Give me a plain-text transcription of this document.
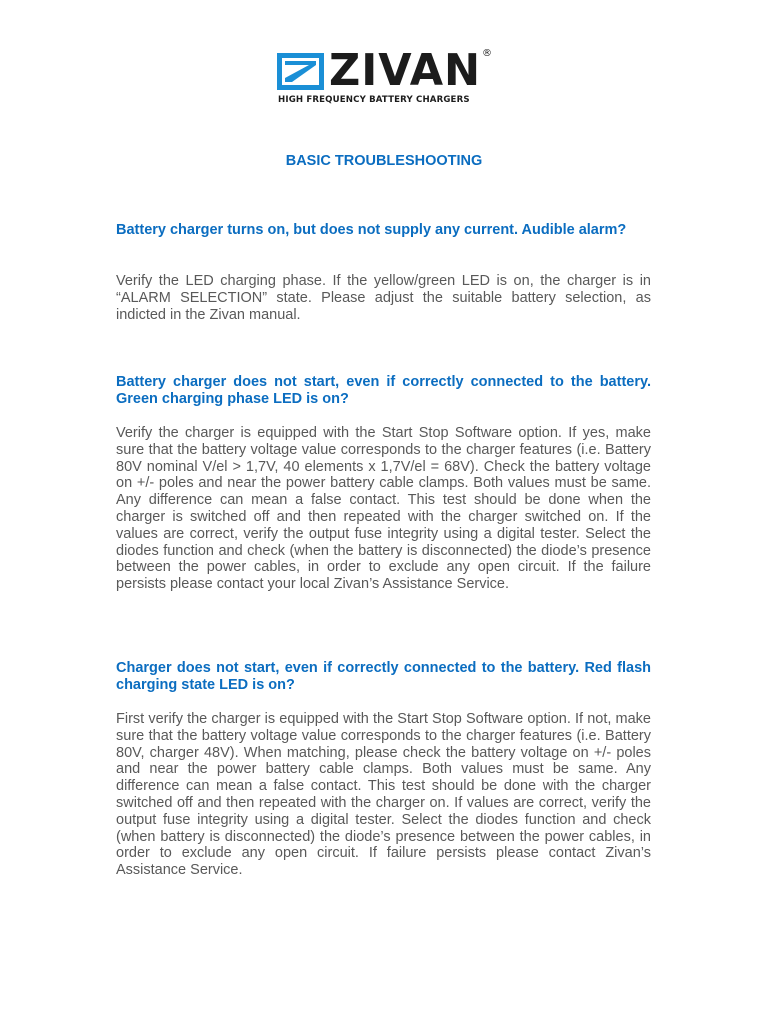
ZIVAN ®
HIGH FREQUENCY BATTERY CHARGERS
BASIC TROUBLESHOOTING
Battery charger turns on, but does not supply any current. Audible alarm?
Verify the LED charging phase. If the yellow/green LED is on, the charger is in “ALARM SELECTION” state. Please adjust the suitable battery selection, as indicted in the Zivan manual.
Battery charger does not start, even if correctly connected to the battery. Green charging phase LED is on?
Verify the charger is equipped with the Start Stop Software option. If yes, make sure that the battery voltage value corresponds to the charger features (i.e. Battery 80V nominal V/el > 1,7V, 40 elements x 1,7V/el = 68V). Check the battery voltage on +/- poles and near the power battery cable clamps. Both values must be same. Any difference can mean a false contact. This test should be done when the charger is switched off and then repeated with the charger switched on. If the values are correct, verify the output fuse integrity using a digital tester. Select the diodes function and check (when the battery is disconnected) the diode’s presence between the power cables, in order to exclude any open circuit. If the failure persists please contact your local Zivan’s Assistance Service.
Charger does not start, even if correctly connected to the battery. Red flash charging state LED is on?
First verify the charger is equipped with the Start Stop Software option. If not, make sure that the battery voltage value corresponds to the charger features (i.e. Battery 80V, charger 48V). When matching, please check the battery voltage on +/- poles and near the power battery cable clamps. Both values must be same. Any difference can mean a false contact. This test should be done with the charger switched off and then repeated with the charger on. If values are correct, verify the output fuse integrity using a digital tester. Select the diodes function and check (when battery is disconnected) the diode’s presence between the power cables, in order to exclude any open circuit. If failure persists please contact Zivan’s Assistance Service.
